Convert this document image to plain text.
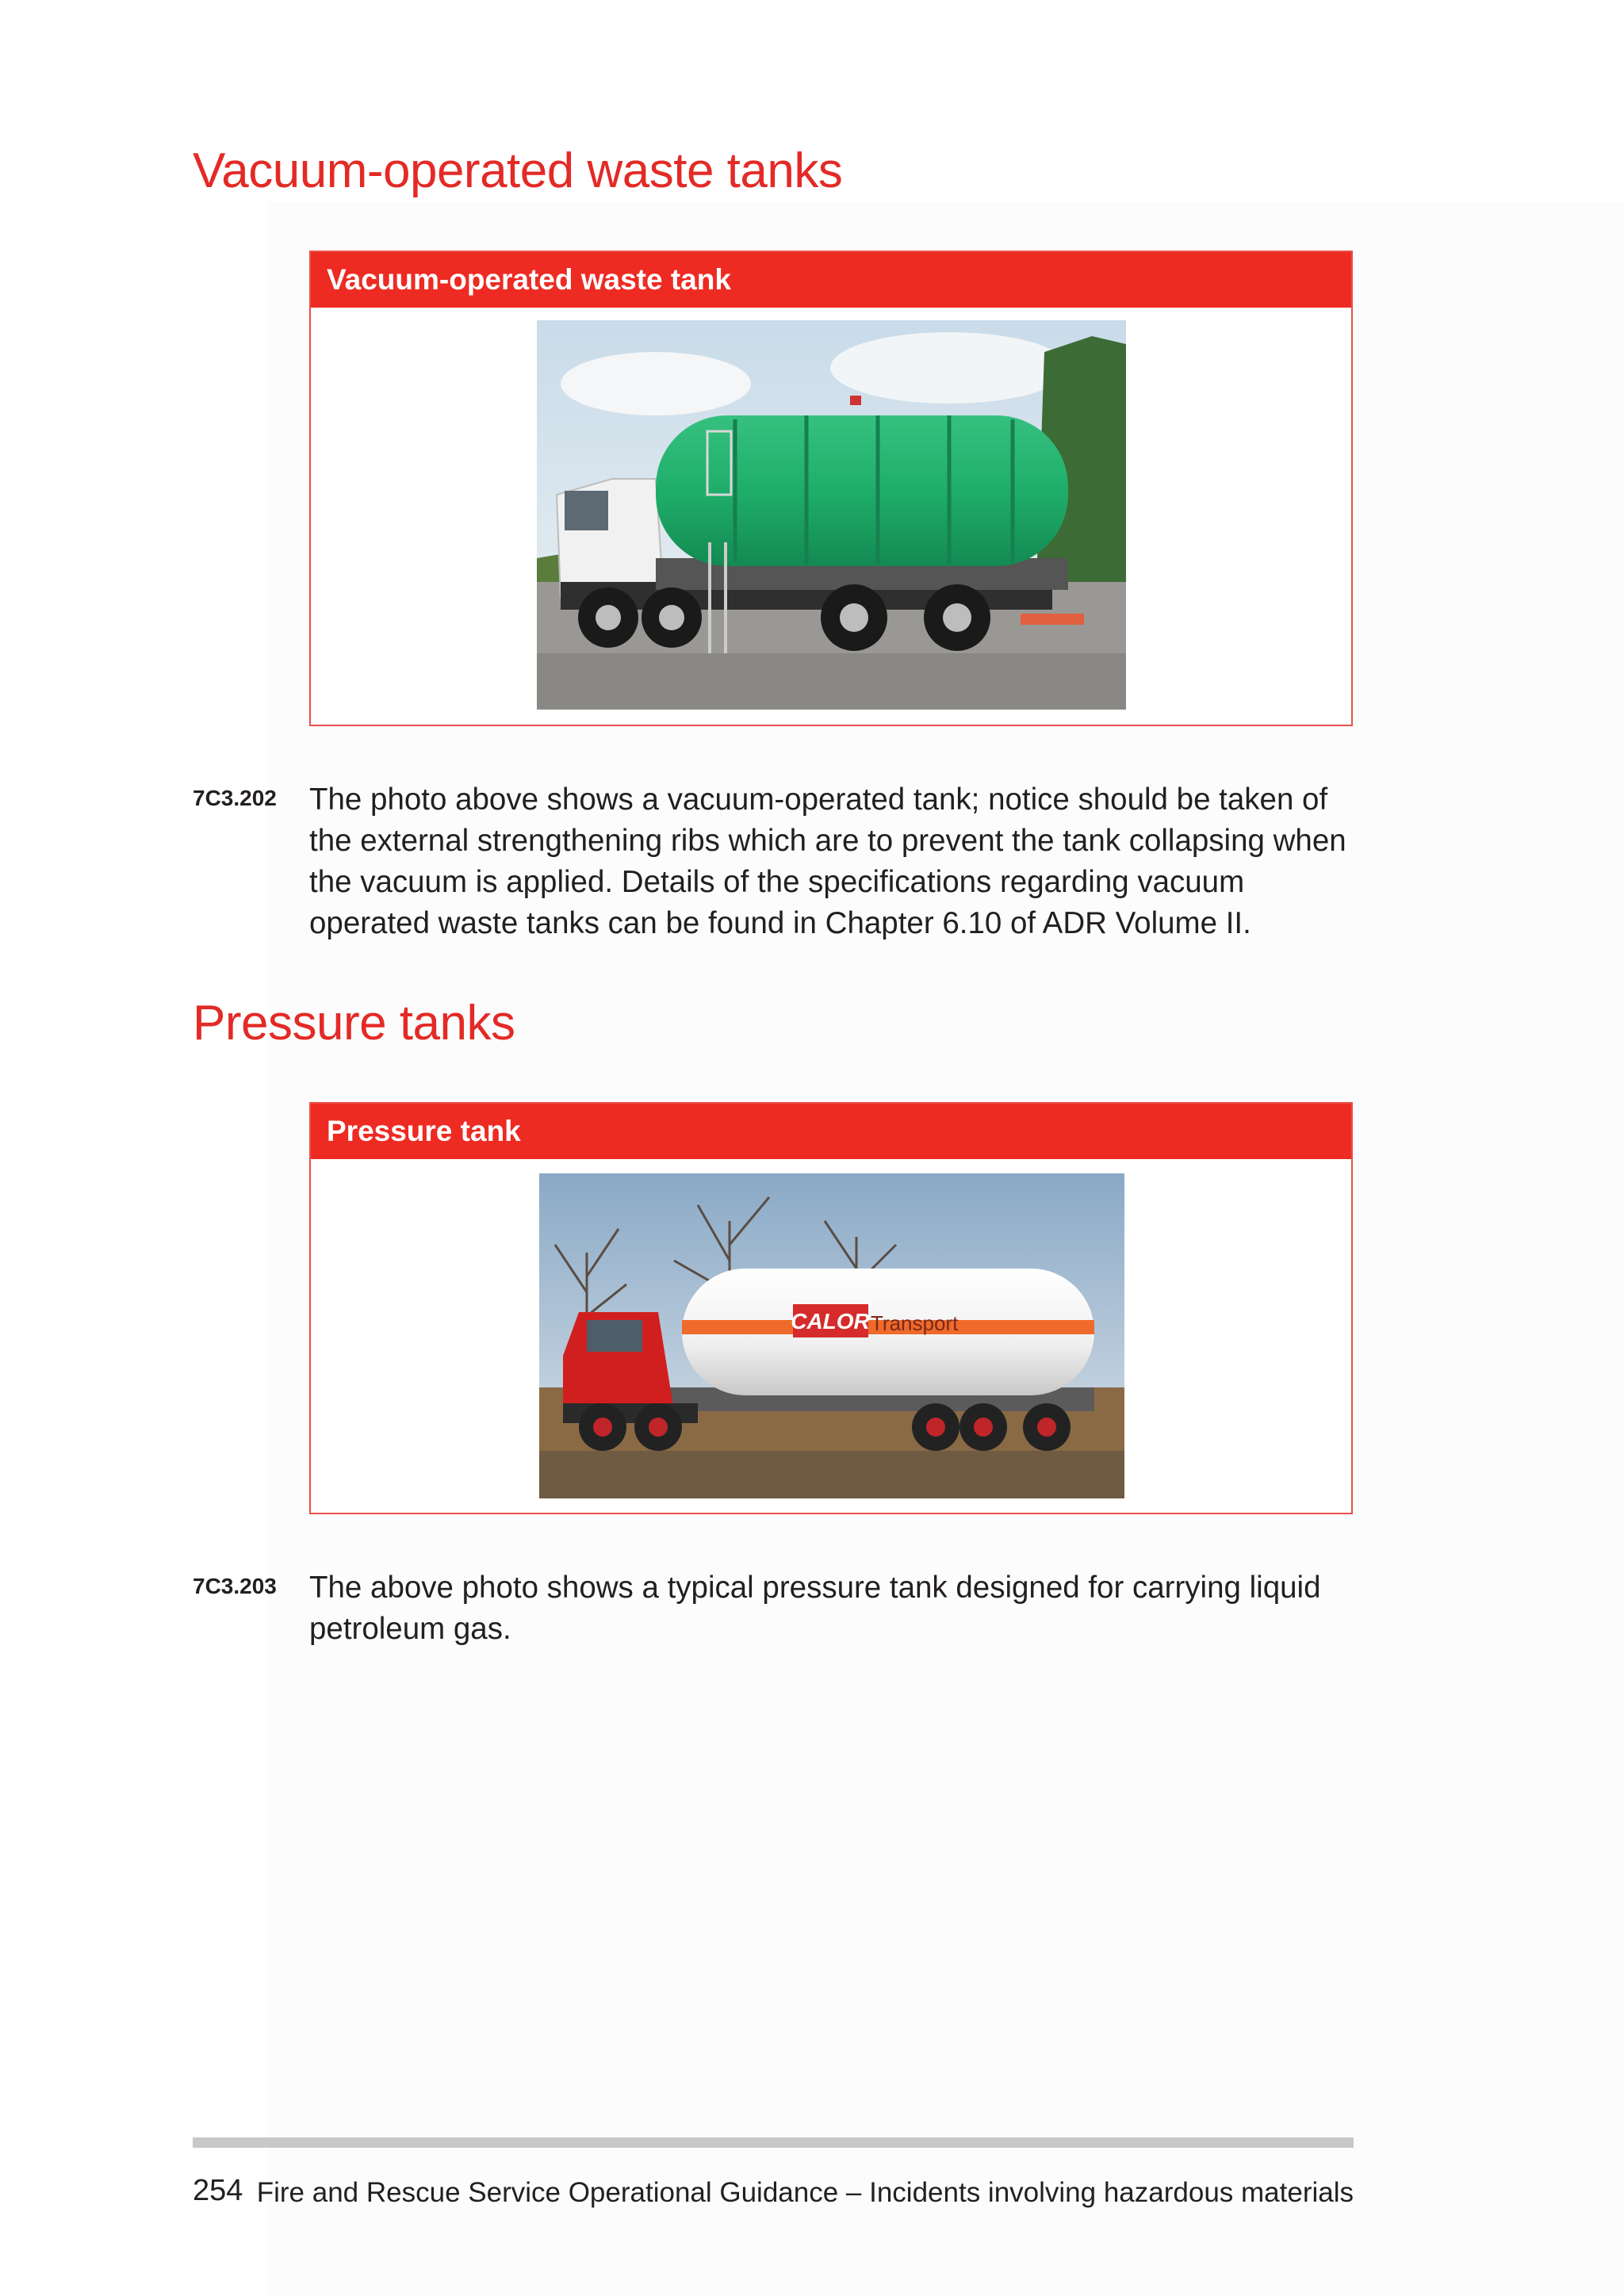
Vacuum-operated waste tanks
Vacuum-operated waste tank
7C3.202 The photo above shows a vacuum-operated tank; notice should be taken of the external strengthening ribs which are to prevent the tank collapsing when the vacuum is applied. Details of the specifications regarding vacuum operated waste tanks can be found in Chapter 6.10 of ADR Volume II.
Pressure tanks
Pressure tank
CALOR Transport
7C3.203 The above photo shows a typical pressure tank designed for carrying liquid petroleum gas.
254 Fire and Rescue Service Operational Guidance – Incidents involving hazardous materials
